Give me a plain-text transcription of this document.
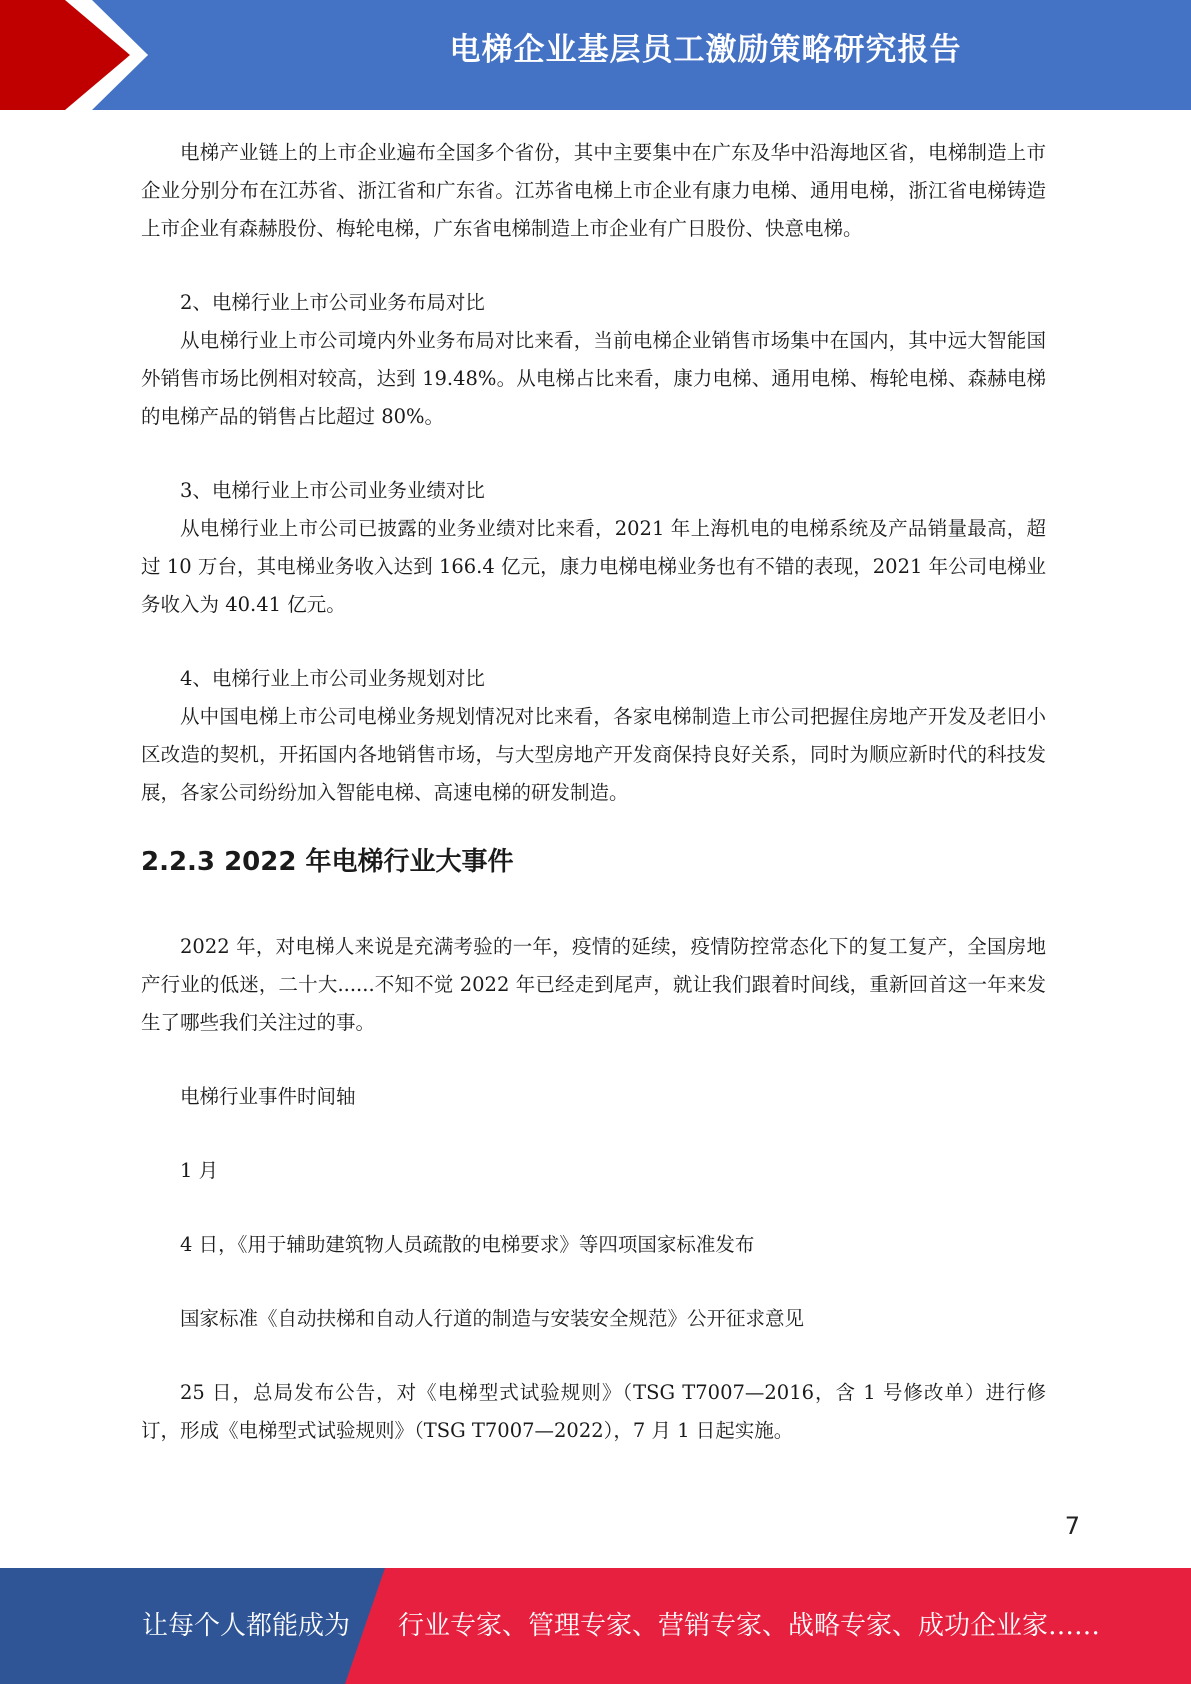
电梯企业基层员工激励策略研究报告

电梯产业链上的上市企业遍布全国多个省份，其中主要集中在广东及华中沿海地区省，电梯制造上市企业分别分布在江苏省、浙江省和广东省。江苏省电梯上市企业有康力电梯、通用电梯，浙江省电梯铸造上市企业有森赫股份、梅轮电梯，广东省电梯制造上市企业有广日股份、快意电梯。

2、电梯行业上市公司业务布局对比

从电梯行业上市公司境内外业务布局对比来看，当前电梯企业销售市场集中在国内，其中远大智能国外销售市场比例相对较高，达到 19.48%。从电梯占比来看，康力电梯、通用电梯、梅轮电梯、森赫电梯的电梯产品的销售占比超过 80%。

3、电梯行业上市公司业务业绩对比

从电梯行业上市公司已披露的业务业绩对比来看，2021 年上海机电的电梯系统及产品销量最高，超过 10 万台，其电梯业务收入达到 166.4 亿元，康力电梯电梯业务也有不错的表现，2021 年公司电梯业务收入为 40.41 亿元。

4、电梯行业上市公司业务规划对比

从中国电梯上市公司电梯业务规划情况对比来看，各家电梯制造上市公司把握住房地产开发及老旧小区改造的契机，开拓国内各地销售市场，与大型房地产开发商保持良好关系，同时为顺应新时代的科技发展，各家公司纷纷加入智能电梯、高速电梯的研发制造。

2.2.3 2022 年电梯行业大事件

2022 年，对电梯人来说是充满考验的一年，疫情的延续，疫情防控常态化下的复工复产，全国房地产行业的低迷，二十大......不知不觉 2022 年已经走到尾声，就让我们跟着时间线，重新回首这一年来发生了哪些我们关注过的事。

电梯行业事件时间轴

1 月

4 日，《用于辅助建筑物人员疏散的电梯要求》等四项国家标准发布

国家标准《自动扶梯和自动人行道的制造与安装安全规范》公开征求意见

25 日，总局发布公告，对《电梯型式试验规则》（TSG T7007—2016，含 1 号修改单）进行修订，形成《电梯型式试验规则》（TSG T7007—2022），7 月 1 日起实施。

7
让每个人都能成为 行业专家、管理专家、营销专家、战略专家、成功企业家……
